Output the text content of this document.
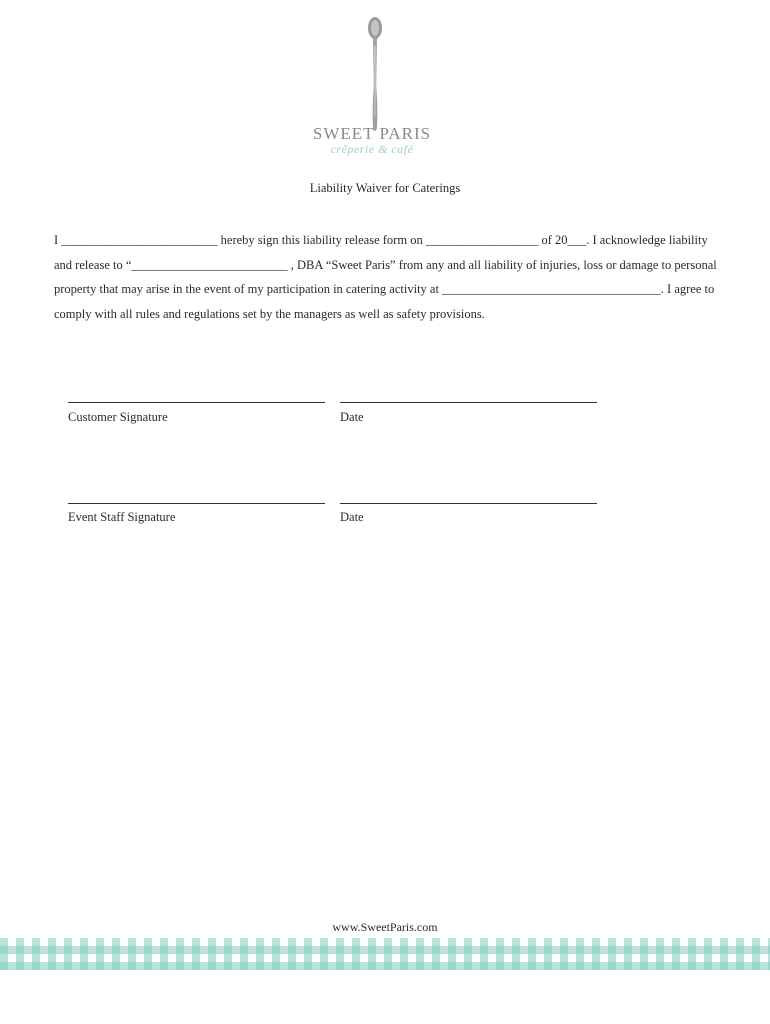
SWEET PARIS
crêperie & café
Liability Waiver for Caterings

I _________________________ hereby sign this liability release form on __________________ of 20___. I acknowledge liability and release to “_________________________ , DBA “Sweet Paris” from any and all liability of injuries, loss or damage to personal property that may arise in the event of my participation in catering activity at ___________________________________. I agree to comply with all rules and regulations set by the managers as well as safety provisions.

Customer Signature	Date
Event Staff Signature	Date
www.SweetParis.com
